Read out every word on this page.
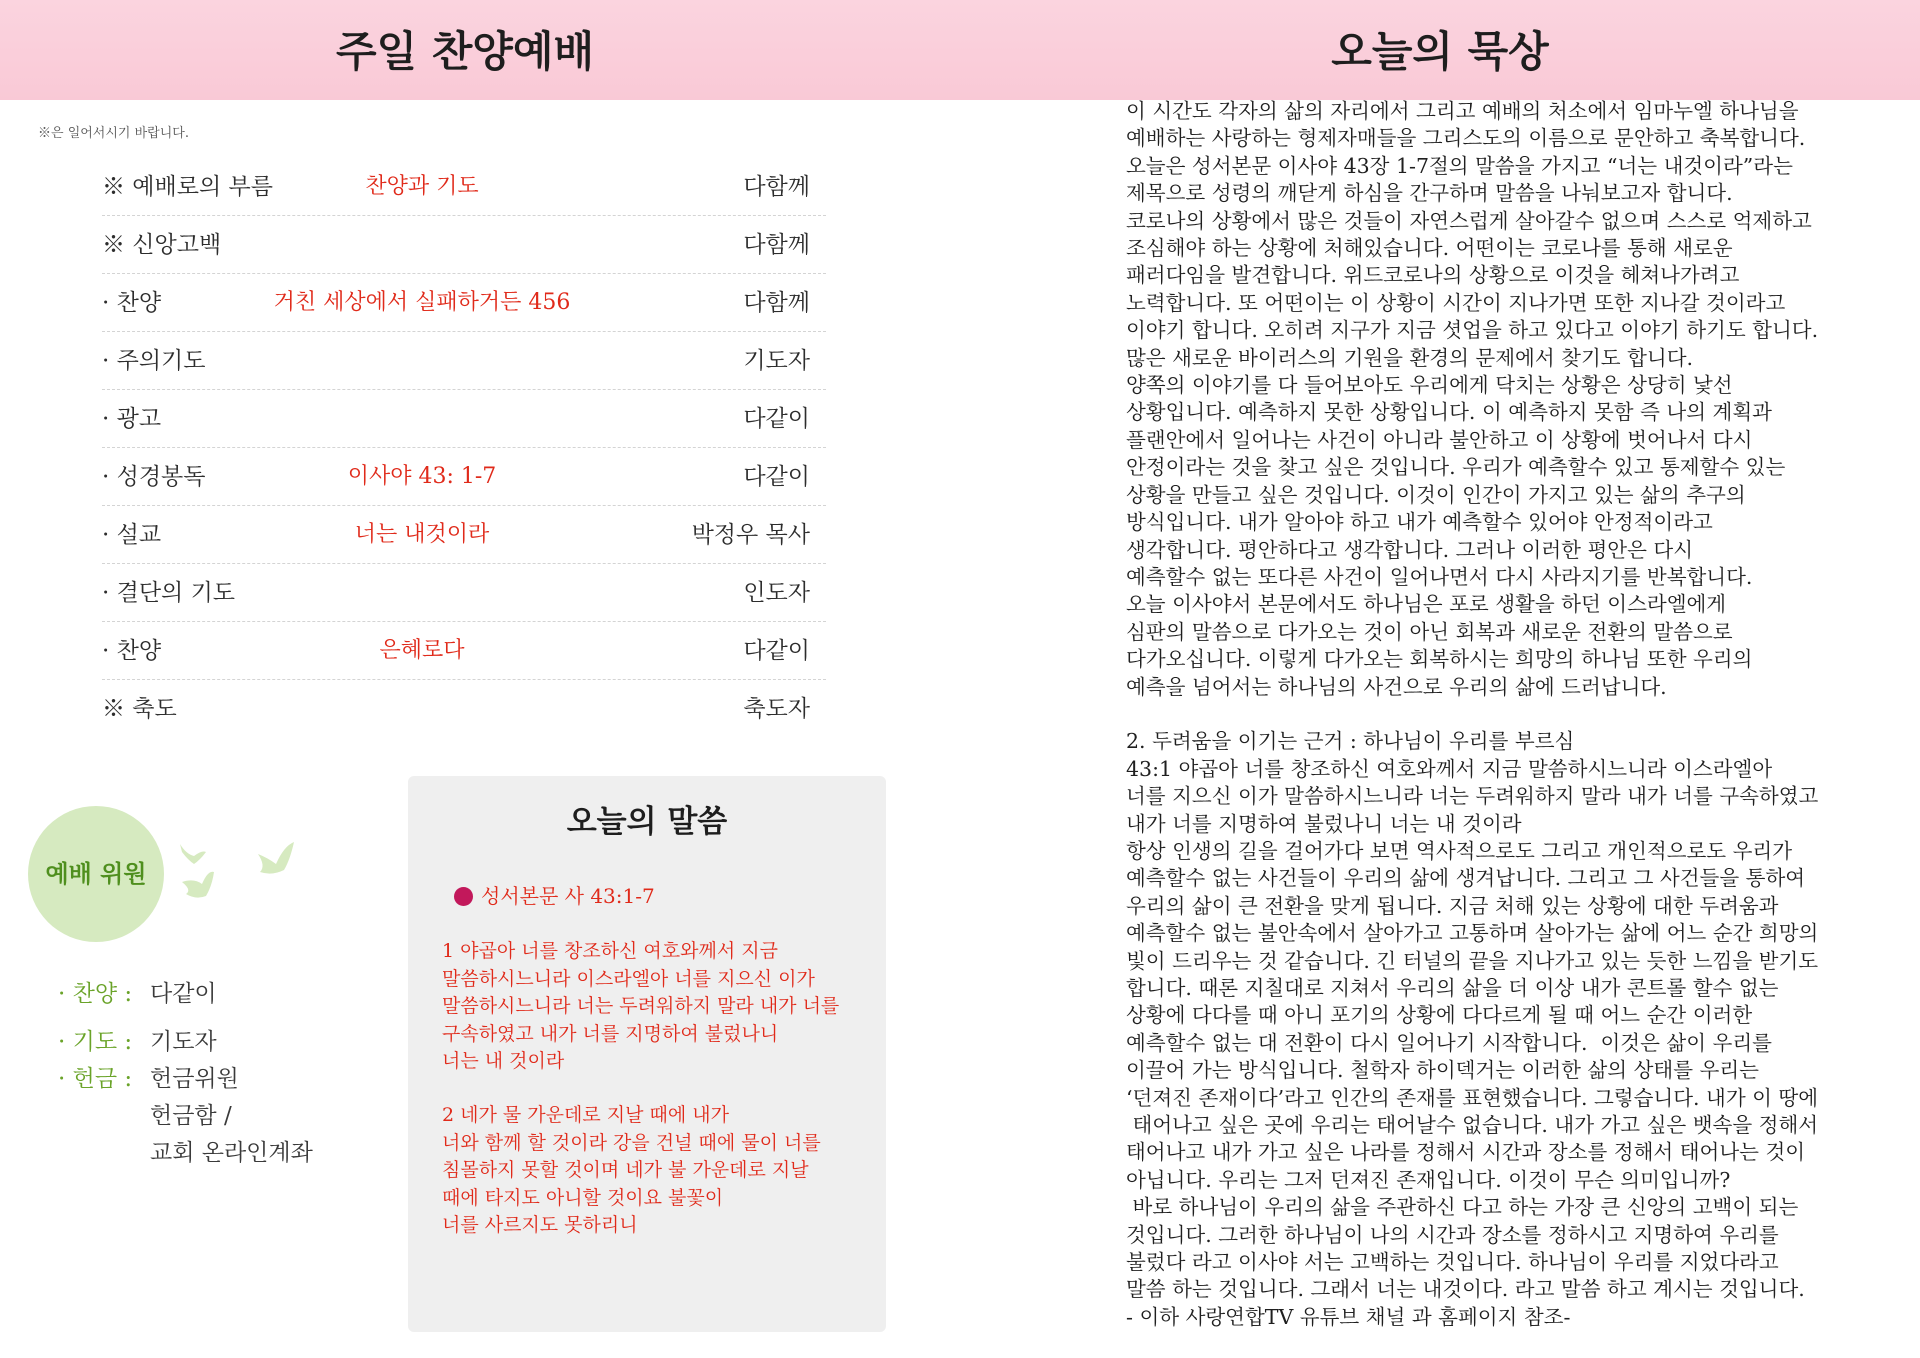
주일 찬양예배	오늘의 묵상
※은 일어서시기 바랍니다.
※ 예배로의 부름	찬양과 기도	다함께
※ 신앙고백	다함께
· 찬양	거친 세상에서 실패하거든 456	다함께
· 주의기도	기도자
· 광고	다같이
· 성경봉독	이사야 43: 1-7	다같이
· 설교	너는 내것이라	박정우 목사
· 결단의 기도	인도자
· 찬양	은혜로다	다같이
※ 축도	축도자
예배 위원
· 찬양 : 다같이
· 기도 : 기도자
· 헌금 : 헌금위원
헌금함 /
교회 온라인계좌
오늘의 말씀
성서본문 사 43:1-7
1 야곱아 너를 창조하신 여호와께서 지금
말씀하시느니라 이스라엘아 너를 지으신 이가
말씀하시느니라 너는 두려워하지 말라 내가 너를
구속하였고 내가 너를 지명하여 불렀나니
너는 내 것이라
2 네가 물 가운데로 지날 때에 내가
너와 함께 할 것이라 강을 건널 때에 물이 너를
침몰하지 못할 것이며 네가 불 가운데로 지날
때에 타지도 아니할 것이요 불꽃이
너를 사르지도 못하리니

이 시간도 각자의 삶의 자리에서 그리고 예배의 처소에서 임마누엘 하나님을

예배하는 사랑하는 형제자매들을 그리스도의 이름으로 문안하고 축복합니다.

오늘은 성서본문 이사야 43장 1-7절의 말씀을 가지고 “너는 내것이라”라는

제목으로 성령의 깨닫게 하심을 간구하며 말씀을 나눠보고자 합니다.

코로나의 상황에서 많은 것들이 자연스럽게 살아갈수 없으며 스스로 억제하고

조심해야 하는 상황에 처해있습니다. 어떤이는 코로나를 통해 새로운

패러다임을 발견합니다. 위드코로나의 상황으로 이것을 헤쳐나가려고

노력합니다. 또 어떤이는 이 상황이 시간이 지나가면 또한 지나갈 것이라고

이야기 합니다. 오히려 지구가 지금 셧업을 하고 있다고 이야기 하기도 합니다.

많은 새로운 바이러스의 기원을 환경의 문제에서 찾기도 합니다.

양쪽의 이야기를 다 들어보아도 우리에게 닥치는 상황은 상당히 낯선

상황입니다. 예측하지 못한 상황입니다. 이 예측하지 못함 즉 나의 계획과

플랜안에서 일어나는 사건이 아니라 불안하고 이 상황에 벗어나서 다시

안정이라는 것을 찾고 싶은 것입니다. 우리가 예측할수 있고 통제할수 있는

상황을 만들고 싶은 것입니다. 이것이 인간이 가지고 있는 삶의 추구의

방식입니다. 내가 알아야 하고 내가 예측할수 있어야 안정적이라고

생각합니다. 평안하다고 생각합니다. 그러나 이러한 평안은 다시

예측할수 없는 또다른 사건이 일어나면서 다시 사라지기를 반복합니다.

오늘 이사야서 본문에서도 하나님은 포로 생활을 하던 이스라엘에게

심판의 말씀으로 다가오는 것이 아닌 회복과 새로운 전환의 말씀으로

다가오십니다. 이렇게 다가오는 회복하시는 희망의 하나님 또한 우리의

예측을 넘어서는 하나님의 사건으로 우리의 삶에 드러납니다.

2. 두려움을 이기는 근거 : 하나님이 우리를 부르심

43:1 야곱아 너를 창조하신 여호와께서 지금 말씀하시느니라 이스라엘아

너를 지으신 이가 말씀하시느니라 너는 두려워하지 말라 내가 너를 구속하였고

내가 너를 지명하여 불렀나니 너는 내 것이라

항상 인생의 길을 걸어가다 보면 역사적으로도 그리고 개인적으로도 우리가

예측할수 없는 사건들이 우리의 삶에 생겨납니다. 그리고 그 사건들을 통하여

우리의 삶이 큰 전환을 맞게 됩니다. 지금 처해 있는 상황에 대한 두려움과

예측할수 없는 불안속에서 살아가고 고통하며 살아가는 삶에 어느 순간 희망의

빛이 드리우는 것 같습니다. 긴 터널의 끝을 지나가고 있는 듯한 느낌을 받기도

합니다. 때론 지칠대로 지쳐서 우리의 삶을 더 이상 내가 콘트롤 할수 없는

상황에 다다를 때 아니 포기의 상황에 다다르게 될 때 어느 순간 이러한

예측할수 없는 대 전환이 다시 일어나기 시작합니다.  이것은 삶이 우리를

이끌어 가는 방식입니다. 철학자 하이덱거는 이러한 삶의 상태를 우리는

‘던져진 존재이다’라고 인간의 존재를 표현했습니다. 그렇습니다. 내가 이 땅에

태어나고 싶은 곳에 우리는 태어날수 없습니다. 내가 가고 싶은 뱃속을 정해서

태어나고 내가 가고 싶은 나라를 정해서 시간과 장소를 정해서 태어나는 것이

아닙니다. 우리는 그저 던져진 존재입니다. 이것이 무슨 의미입니까?

바로 하나님이 우리의 삶을 주관하신 다고 하는 가장 큰 신앙의 고백이 되는

것입니다. 그러한 하나님이 나의 시간과 장소를 정하시고 지명하여 우리를

불렀다 라고 이사야 서는 고백하는 것입니다. 하나님이 우리를 지었다라고

말씀 하는 것입니다. 그래서 너는 내것이다. 라고 말씀 하고 계시는 것입니다.

- 이하 사랑연합TV 유튜브 채널 과 홈페이지 참조-
